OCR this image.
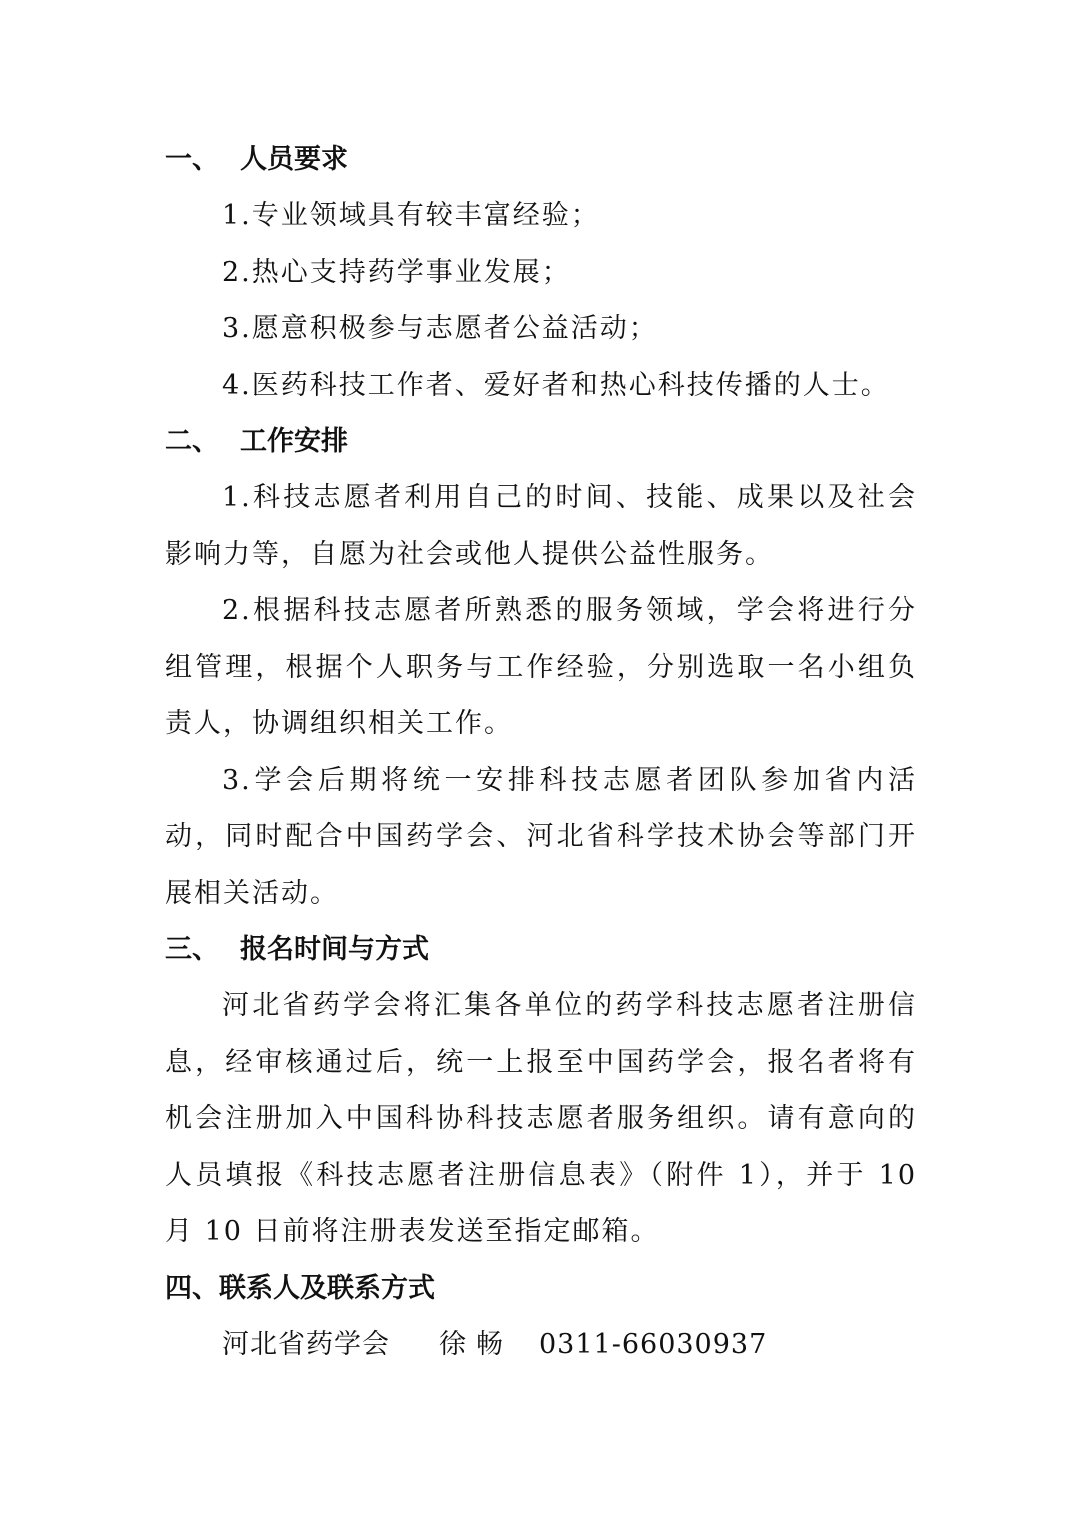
一、 人员要求
1.专业领域具有较丰富经验；
2.热心支持药学事业发展；
3.愿意积极参与志愿者公益活动；
4.医药科技工作者、爱好者和热心科技传播的人士。
二、 工作安排

1.科技志愿者利用自己的时间、技能、成果以及社会影响力等，自愿为社会或他人提供公益性服务。

2.根据科技志愿者所熟悉的服务领域，学会将进行分组管理，根据个人职务与工作经验，分别选取一名小组负责人，协调组织相关工作。

3.学会后期将统一安排科技志愿者团队参加省内活动，同时配合中国药学会、河北省科学技术协会等部门开展相关活动。

三、 报名时间与方式

河北省药学会将汇集各单位的药学科技志愿者注册信息，经审核通过后，统一上报至中国药学会，报名者将有机会注册加入中国科协科技志愿者服务组织。请有意向的人员填报《科技志愿者注册信息表》（附件 1），并于 10 月 10 日前将注册表发送至指定邮箱。

四、联系人及联系方式
河北省药学会 徐畅 0311-66030937
